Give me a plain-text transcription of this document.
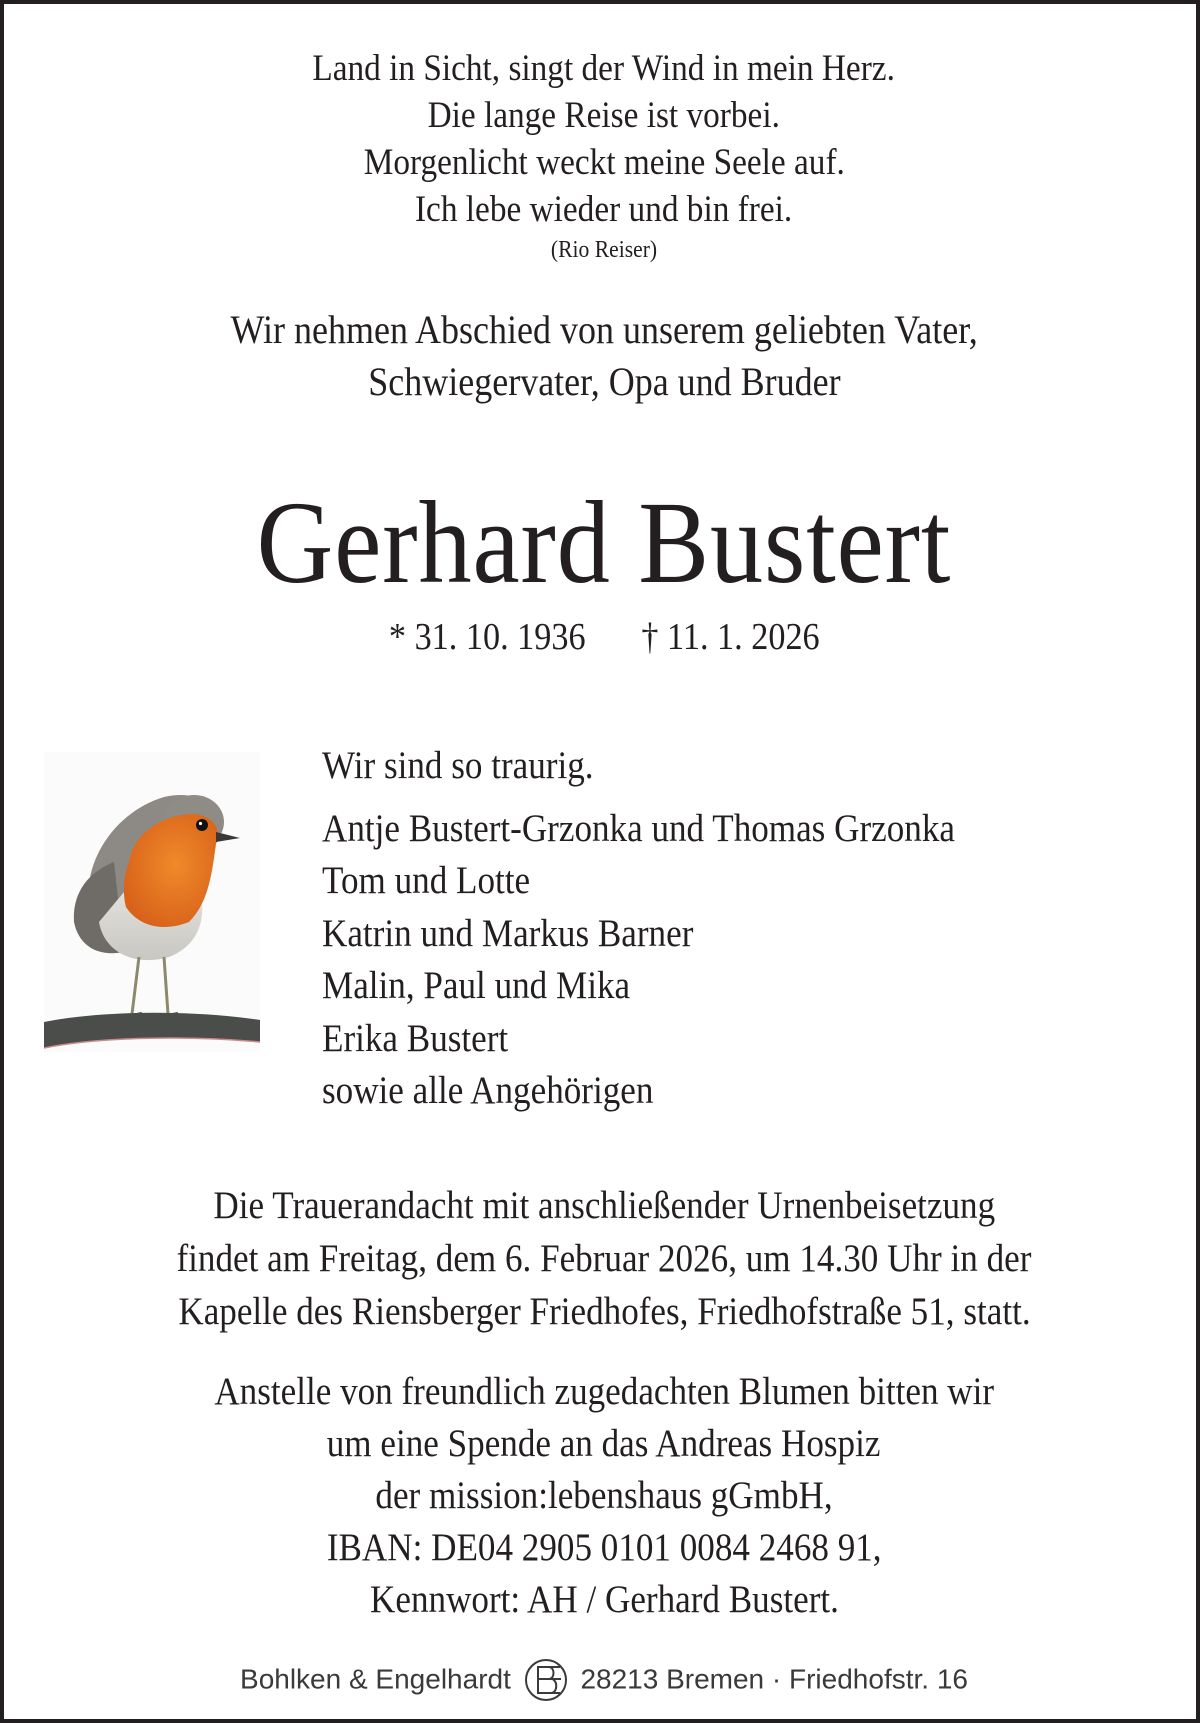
Land in Sicht, singt der Wind in mein Herz.
Die lange Reise ist vorbei.
Morgenlicht weckt meine Seele auf.
Ich lebe wieder und bin frei.
(Rio Reiser)
Wir nehmen Abschied von unserem geliebten Vater,
Schwiegervater, Opa und Bruder
Gerhard Bustert
* 31. 10. 1936 † 11. 1. 2026
Wir sind so traurig.
Antje Bustert-Grzonka und Thomas Grzonka
Tom und Lotte
Katrin und Markus Barner
Malin, Paul und Mika
Erika Bustert
sowie alle Angehörigen
Die Trauerandacht mit anschließender Urnenbeisetzung
findet am Freitag, dem 6. Februar 2026, um 14.30 Uhr in der
Kapelle des Riensberger Friedhofes, Friedhofstraße 51, statt.
Anstelle von freundlich zugedachten Blumen bitten wir
um eine Spende an das Andreas Hospiz
der mission:lebenshaus gGmbH,
IBAN: DE04 2905 0101 0084 2468 91,
Kennwort: AH / Gerhard Bustert.
Bohlken & Engelhardt 28213 Bremen · Friedhofstr. 16
